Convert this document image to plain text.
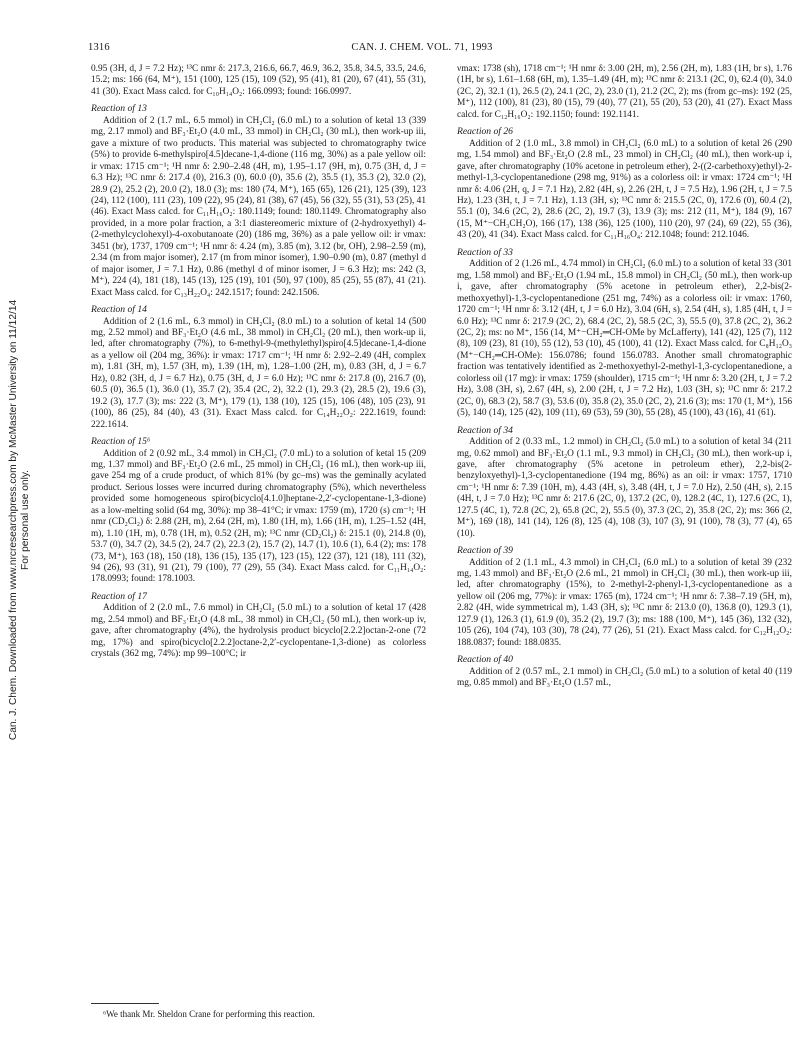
Can. J. Chem. Downloaded from www.nrcresearchpress.com by McMaster University on 11/12/14 For personal use only.
1316	CAN. J. CHEM. VOL. 71, 1993

0.95 (3H, d, J = 7.2 Hz); ¹³C nmr δ: 217.3, 216.6, 66.7, 46.9, 36.2, 35.8, 34.5, 33.5, 24.6, 15.2; ms: 166 (64, M⁺), 151 (100), 125 (15), 109 (52), 95 (41), 81 (20), 67 (41), 55 (31), 41 (30). Exact Mass calcd. for C₁₀H₁₄O₂: 166.0993; found: 166.0997.

Reaction of 13

Addition of 2 (1.7 mL, 6.5 mmol) in CH₂Cl₂ (6.0 mL) to a solution of ketal 13 (339 mg, 2.17 mmol) and BF₃·Et₂O (4.0 mL, 33 mmol) in CH₂Cl₂ (30 mL), then work-up iii, gave a mixture of two products. This material was subjected to chromatography twice (5%) to provide 6-methylspiro[4.5]decane-1,4-dione (116 mg, 30%) as a pale yellow oil: ir νmax: 1715 cm⁻¹; ¹H nmr δ: 2.90–2.48 (4H, m), 1.95–1.17 (9H, m), 0.75 (3H, d, J = 6.3 Hz); ¹³C nmr δ: 217.4 (0), 216.3 (0), 60.0 (0), 35.6 (2), 35.5 (1), 35.3 (2), 32.0 (2), 28.9 (2), 25.2 (2), 20.0 (2), 18.0 (3); ms: 180 (74, M⁺), 165 (65), 126 (21), 125 (39), 123 (24), 112 (100), 111 (23), 109 (22), 95 (24), 81 (38), 67 (45), 56 (32), 55 (31), 53 (25), 41 (46). Exact Mass calcd. for C₁₁H₁₆O₂: 180.1149; found: 180.1149. Chromatography also provided, in a more polar fraction, a 3:1 diastereomeric mixture of (2-hydroxyethyl) 4-(2-methylcyclohexyl)-4-oxobutanoate (20) (186 mg, 36%) as a pale yellow oil: ir νmax: 3451 (br), 1737, 1709 cm⁻¹; ¹H nmr δ: 4.24 (m), 3.85 (m), 3.12 (br, OH), 2.98–2.59 (m), 2.34 (m from major isomer), 2.17 (m from minor isomer), 1.90–0.90 (m), 0.87 (methyl d of major isomer, J = 7.1 Hz), 0.86 (methyl d of minor isomer, J = 6.3 Hz); ms: 242 (3, M⁺), 224 (4), 181 (18), 145 (13), 125 (19), 101 (50), 97 (100), 85 (25), 55 (87), 41 (21). Exact Mass calcd. for C₁₃H₂₂O₄: 242.1517; found: 242.1506.

Reaction of 14

Addition of 2 (1.6 mL, 6.3 mmol) in CH₂Cl₂ (8.0 mL) to a solution of ketal 14 (500 mg, 2.52 mmol) and BF₃·Et₂O (4.6 mL, 38 mmol) in CH₂Cl₂ (20 mL), then work-up ii, led, after chromatography (7%), to 6-methyl-9-(methylethyl)spiro[4.5]decane-1,4-dione as a yellow oil (204 mg, 36%): ir νmax: 1717 cm⁻¹; ¹H nmr δ: 2.92–2.49 (4H, complex m), 1.81 (3H, m), 1.57 (3H, m), 1.39 (1H, m), 1.28–1.00 (2H, m), 0.83 (3H, d, J = 6.7 Hz), 0.82 (3H, d, J = 6.7 Hz), 0.75 (3H, d, J = 6.0 Hz); ¹³C nmr δ: 217.8 (0), 216.7 (0), 60.5 (0), 36.5 (1), 36.0 (1), 35.7 (2), 35.4 (2C, 2), 32.2 (1), 29.3 (2), 28.5 (2), 19.6 (3), 19.2 (3), 17.7 (3); ms: 222 (3, M⁺), 179 (1), 138 (10), 125 (15), 106 (48), 105 (23), 91 (100), 86 (25), 84 (40), 43 (31). Exact Mass calcd. for C₁₄H₂₂O₂: 222.1619, found: 222.1614.

Reaction of 15⁶

Addition of 2 (0.92 mL, 3.4 mmol) in CH₂Cl₂ (7.0 mL) to a solution of ketal 15 (209 mg, 1.37 mmol) and BF₃·Et₂O (2.6 mL, 25 mmol) in CH₂Cl₂ (16 mL), then work-up iii, gave 254 mg of a crude product, of which 81% (by gc–ms) was the geminally acylated product. Serious losses were incurred during chromatography (5%), which nevertheless provided some homogeneous spiro(bicyclo[4.1.0]heptane-2,2′-cyclopentane-1,3-dione) as a low-melting solid (64 mg, 30%): mp 38–41°C; ir νmax: 1759 (m), 1720 (s) cm⁻¹; ¹H nmr (CD₂Cl₂) δ: 2.88 (2H, m), 2.64 (2H, m), 1.80 (1H, m), 1.66 (1H, m), 1.25–1.52 (4H, m), 1.10 (1H, m), 0.78 (1H, m), 0.52 (2H, m); ¹³C nmr (CD₂Cl₂) δ: 215.1 (0), 214.8 (0), 53.7 (0), 34.7 (2), 34.5 (2), 24.7 (2), 22.3 (2), 15.7 (2), 14.7 (1), 10.6 (1), 6.4 (2); ms: 178 (73, M⁺), 163 (18), 150 (18), 136 (15), 135 (17), 123 (15), 122 (37), 121 (18), 111 (32), 94 (26), 93 (31), 91 (21), 79 (100), 77 (29), 55 (34). Exact Mass calcd. for C₁₁H₁₄O₂: 178.0993; found: 178.1003.

Reaction of 17

Addition of 2 (2.0 mL, 7.6 mmol) in CH₂Cl₂ (5.0 mL) to a solution of ketal 17 (428 mg, 2.54 mmol) and BF₃·Et₂O (4.8 mL, 38 mmol) in CH₂Cl₂ (50 mL), then work-up iv, gave, after chromatography (4%), the hydrolysis product bicyclo[2.2.2]octan-2-one (72 mg, 17%) and spiro(bicyclo[2.2.2]octane-2,2′-cyclopentane-1,3-dione) as colorless crystals (362 mg, 74%): mp 99–100°C; ir

νmax: 1738 (sh), 1718 cm⁻¹; ¹H nmr δ: 3.00 (2H, m), 2.56 (2H, m), 1.83 (1H, br s), 1.76 (1H, br s), 1.61–1.68 (6H, m), 1.35–1.49 (4H, m); ¹³C nmr δ: 213.1 (2C, 0), 62.4 (0), 34.0 (2C, 2), 32.1 (1), 26.5 (2), 24.1 (2C, 2), 23.0 (1), 21.2 (2C, 2); ms (from gc–ms): 192 (25, M⁺), 112 (100), 81 (23), 80 (15), 79 (40), 77 (21), 55 (20), 53 (20), 41 (27). Exact Mass calcd. for C₁₂H₁₆O₂: 192.1150; found: 192.1141.

Reaction of 26

Addition of 2 (1.0 mL, 3.8 mmol) in CH₂Cl₂ (6.0 mL) to a solution of ketal 26 (290 mg, 1.54 mmol) and BF₃·Et₂O (2.8 mL, 23 mmol) in CH₂Cl₂ (40 mL), then work-up i, gave, after chromatography (10% acetone in petroleum ether), 2-((2-carbethoxy)ethyl)-2-methyl-1,3-cyclopentanedione (298 mg, 91%) as a colorless oil: ir νmax: 1724 cm⁻¹; ¹H nmr δ: 4.06 (2H, q, J = 7.1 Hz), 2.82 (4H, s), 2.26 (2H, t, J = 7.5 Hz), 1.96 (2H, t, J = 7.5 Hz), 1.23 (3H, t, J = 7.1 Hz), 1.13 (3H, s); ¹³C nmr δ: 215.5 (2C, 0), 172.6 (0), 60.4 (2), 55.1 (0), 34.6 (2C, 2), 28.6 (2C, 2), 19.7 (3), 13.9 (3); ms: 212 (11, M⁺), 184 (9), 167 (15, M⁺−CH₃CH₂O), 166 (17), 138 (36), 125 (100), 110 (20), 97 (24), 69 (22), 55 (36), 43 (20), 41 (34). Exact Mass calcd. for C₁₁H₁₆O₄: 212.1048; found: 212.1046.

Reaction of 33

Addition of 2 (1.26 mL, 4.74 mmol) in CH₂Cl₂ (6.0 mL) to a solution of ketal 33 (301 mg, 1.58 mmol) and BF₃·Et₂O (1.94 mL, 15.8 mmol) in CH₂Cl₂ (50 mL), then work-up i, gave, after chromatography (5% acetone in petroleum ether), 2,2-bis(2-methoxyethyl)-1,3-cyclopentanedione (251 mg, 74%) as a colorless oil: ir νmax: 1760, 1720 cm⁻¹; ¹H nmr δ: 3.12 (4H, t, J = 6.0 Hz), 3.04 (6H, s), 2.54 (4H, s), 1.85 (4H, t, J = 6.0 Hz); ¹³C nmr δ: 217.9 (2C, 2), 68.4 (2C, 2), 58.5 (2C, 3), 55.5 (0), 37.8 (2C, 2), 36.2 (2C, 2); ms: no M⁺, 156 (14, M⁺−CH₂═CH-OMe by McLafferty), 141 (42), 125 (7), 112 (8), 109 (23), 81 (10), 55 (12), 53 (10), 45 (100), 41 (12). Exact Mass calcd. for C₈H₁₂O₃ (M⁺−CH₂═CH-OMe): 156.0786; found 156.0783. Another small chromatographic fraction was tentatively identified as 2-methoxyethyl-2-methyl-1,3-cyclopentanedione, a colorless oil (17 mg): ir νmax: 1759 (shoulder), 1715 cm⁻¹; ¹H nmr δ: 3.20 (2H, t, J = 7.2 Hz), 3.08 (3H, s), 2.67 (4H, s), 2.00 (2H, t, J = 7.2 Hz), 1.03 (3H, s); ¹³C nmr δ: 217.2 (2C, 0), 68.3 (2), 58.7 (3), 53.6 (0), 35.8 (2), 35.0 (2C, 2), 21.6 (3); ms: 170 (1, M⁺), 156 (5), 140 (14), 125 (42), 109 (11), 69 (53), 59 (30), 55 (28), 45 (100), 43 (16), 41 (61).

Reaction of 34

Addition of 2 (0.33 mL, 1.2 mmol) in CH₂Cl₂ (5.0 mL) to a solution of ketal 34 (211 mg, 0.62 mmol) and BF₃·Et₂O (1.1 mL, 9.3 mmol) in CH₂Cl₂ (30 mL), then work-up i, gave, after chromatography (5% acetone in petroleum ether), 2,2-bis(2-benzyloxyethyl)-1,3-cyclopentanedione (194 mg, 86%) as an oil: ir νmax: 1757, 1710 cm⁻¹; ¹H nmr δ: 7.39 (10H, m), 4.43 (4H, s), 3.48 (4H, t, J = 7.0 Hz), 2.50 (4H, s), 2.15 (4H, t, J = 7.0 Hz); ¹³C nmr δ: 217.6 (2C, 0), 137.2 (2C, 0), 128.2 (4C, 1), 127.6 (2C, 1), 127.5 (4C, 1), 72.8 (2C, 2), 65.8 (2C, 2), 55.5 (0), 37.3 (2C, 2), 35.8 (2C, 2); ms: 366 (2, M⁺), 169 (18), 141 (14), 126 (8), 125 (4), 108 (3), 107 (3), 91 (100), 78 (3), 77 (4), 65 (10).

Reaction of 39

Addition of 2 (1.1 mL, 4.3 mmol) in CH₂Cl₂ (6.0 mL) to a solution of ketal 39 (232 mg, 1.43 mmol) and BF₃·Et₂O (2.6 mL, 21 mmol) in CH₂Cl₂ (30 mL), then work-up iii, led, after chromatography (15%), to 2-methyl-2-phenyl-1,3-cyclopentanedione as a yellow oil (206 mg, 77%): ir νmax: 1765 (m), 1724 cm⁻¹; ¹H nmr δ: 7.38–7.19 (5H, m), 2.82 (4H, wide symmetrical m), 1.43 (3H, s); ¹³C nmr δ: 213.0 (0), 136.8 (0), 129.3 (1), 127.9 (1), 126.3 (1), 61.9 (0), 35.2 (2), 19.7 (3); ms: 188 (100, M⁺), 145 (36), 132 (32), 105 (26), 104 (74), 103 (30), 78 (24), 77 (26), 51 (21). Exact Mass calcd. for C₁₂H₁₂O₂: 188.0837; found: 188.0835.

Reaction of 40

Addition of 2 (0.57 mL, 2.1 mmol) in CH₂Cl₂ (5.0 mL) to a solution of ketal 40 (119 mg, 0.85 mmol) and BF₃·Et₂O (1.57 mL,

⁶We thank Mr. Sheldon Crane for performing this reaction.
